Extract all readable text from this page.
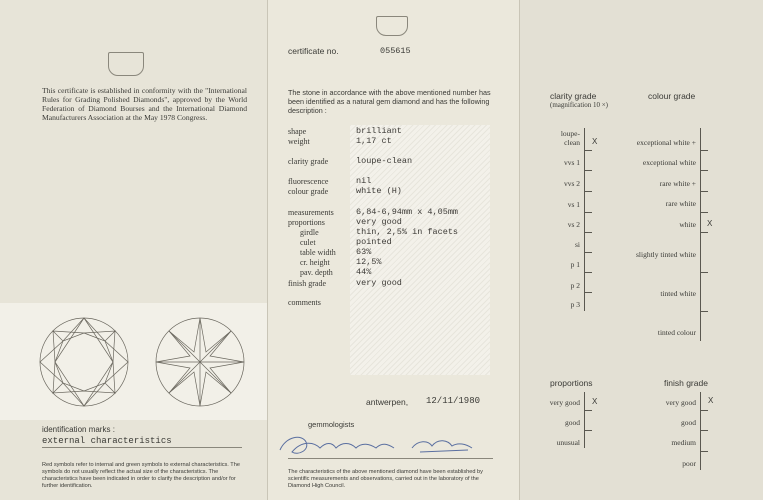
This certificate is established in conformity with the "International Rules for Grading Polished Diamonds", approved by the World Federation of Diamond Bourses and the International Diamond Manufacturers Association at the May 1978 Congress.
identification marks :
external characteristics
Red symbols refer to internal and green symbols to external characteristics. The symbols do not usually reflect the actual size of the characteristics. The characteristics have been indicated in order to clarify the description and/or for further identification.
certificate no.	055615
The stone in accordance with the above mentioned number has been identified as a natural gem diamond and has the following description :
shape	brilliant
weight	1,17 ct
clarity grade	loupe-clean
fluorescence	nil
colour grade	white (H)
measurements	6,84-6,94mm x 4,05mm
proportions	very good
girdle	thin, 2,5% in facets
culet	pointed
table width 63%
cr. height	12,5%
pav. depth	44%
finish grade	very good
comments
antwerpen, 12/11/1980
gemmologists
The characteristics of the above mentioned diamond have been established by scientific measurements and observations, carried out in the laboratory of the Diamond High Council.
clarity grade
(magnification 10 ×)
colour grade
loupe-
clean X
vvs 1
vvs 2
vs 1
vs 2
si
p 1
p 2
p 3
exceptional white +
exceptional white
rare white +
rare white
white X
slightly tinted white
tinted white
tinted colour
proportions
very good X
good
unusual
finish grade
very good X
good
medium
poor
